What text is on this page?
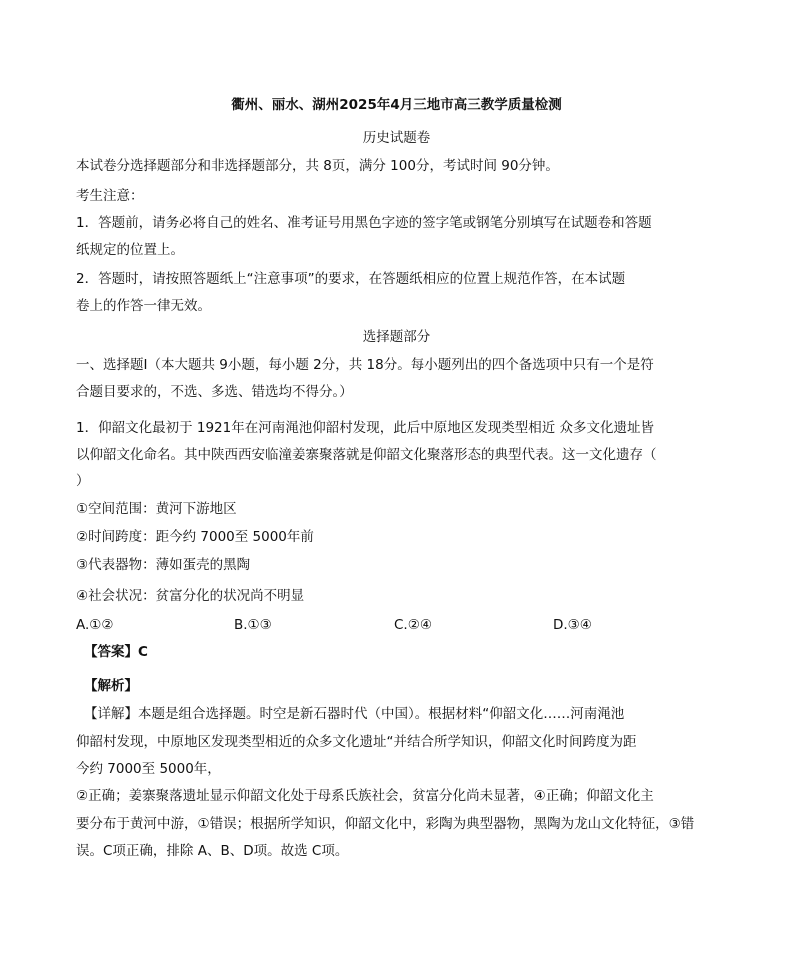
衢州、丽水、湖州2025年4月三地市高三教学质量检测
历史试题卷
本试卷分选择题部分和非选择题部分，共 8页，满分 100分，考试时间 90分钟。
考生注意：
1．答题前，请务必将自己的姓名、准考证号用黑色字迹的签字笔或钢笔分别填写在试题卷和答题
纸规定的位置上。
2．答题时，请按照答题纸上“注意事项”的要求，在答题纸相应的位置上规范作答，在本试题
卷上的作答一律无效。
选择题部分
一、选择题Ⅰ（本大题共 9小题，每小题 2分，共 18分。每小题列出的四个备选项中只有一个是符
合题目要求的，不选、多选、错选均不得分。）
1．仰韶文化最初于 1921年在河南渑池仰韶村发现，此后中原地区发现类型相近 众多文化遗址皆
以仰韶文化命名。其中陕西西安临潼姜寨聚落就是仰韶文化聚落形态的典型代表。这一文化遗存（
）
①空间范围：黄河下游地区
②时间跨度：距今约 7000至 5000年前
③代表器物：薄如蛋壳的黑陶
④社会状况：贫富分化的状况尚不明显
A.①②	B.①③	C.②④	D.③④
【答案】C
【解析】
【详解】本题是组合选择题。时空是新石器时代（中国）。根据材料“仰韶文化……河南渑池
仰韶村发现，中原地区发现类型相近的众多文化遗址“并结合所学知识，仰韶文化时间跨度为距
今约 7000至 5000年，
②正确；姜寨聚落遗址显示仰韶文化处于母系氏族社会，贫富分化尚未显著，④正确；仰韶文化主
要分布于黄河中游，①错误；根据所学知识，仰韶文化中，彩陶为典型器物，黑陶为龙山文化特征，③错
误。C项正确，排除 A、B、D项。故选 C项。
